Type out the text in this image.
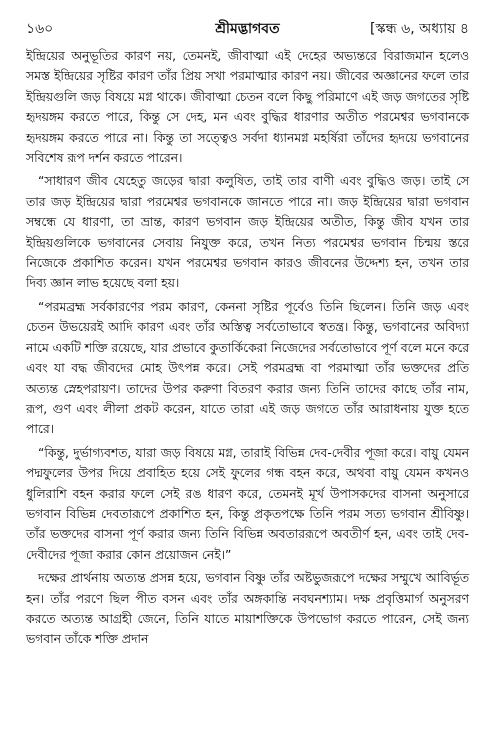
১৬০	শ্রীমদ্ভাগবত	[স্কন্ধ ৬, অধ্যায় ৪

ইন্দ্রিয়ের অনুভূতির কারণ নয়, তেমনই, জীবাত্মা এই দেহের অভ্যন্তরে বিরাজমান হলেও সমস্ত ইন্দ্রিয়ের সৃষ্টির কারণ তাঁর প্রিয় সখা পরমাত্মার কারণ নয়। জীবের অজ্ঞানের ফলে তার ইন্দ্রিয়গুলি জড় বিষয়ে মগ্ন থাকে। জীবাত্মা চেতন বলে কিছু পরিমাণে এই জড় জগতের সৃষ্টি হৃদয়ঙ্গম করতে পারে, কিন্তু সে দেহ, মন এবং বুদ্ধির ধারণার অতীত পরমেশ্বর ভগবানকে হৃদয়ঙ্গম করতে পারে না। কিন্তু তা সত্ত্বেও সর্বদা ধ্যানমগ্ন মহর্ষিরা তাঁদের হৃদয়ে ভগবানের সবিশেষ রূপ দর্শন করতে পারেন।

“সাধারণ জীব যেহেতু জড়ের দ্বারা কলুষিত, তাই তার বাণী এবং বুদ্ধিও জড়। তাই সে তার জড় ইন্দ্রিয়ের দ্বারা পরমেশ্বর ভগবানকে জানতে পারে না। জড় ইন্দ্রিয়ের দ্বারা ভগবান সম্বন্ধে যে ধারণা, তা ভ্রান্ত, কারণ ভগবান জড় ইন্দ্রিয়ের অতীত, কিন্তু জীব যখন তার ইন্দ্রিয়গুলিকে ভগবানের সেবায় নিযুক্ত করে, তখন নিত্য পরমেশ্বর ভগবান চিন্ময় স্তরে নিজেকে প্রকাশিত করেন। যখন পরমেশ্বর ভগবান কারও জীবনের উদ্দেশ্য হন, তখন তার দিব্য জ্ঞান লাভ হয়েছে বলা হয়।

“পরমব্রহ্ম সর্বকারণের পরম কারণ, কেননা সৃষ্টির পূর্বেও তিনি ছিলেন। তিনি জড় এবং চেতন উভয়েরই আদি কারণ এবং তাঁর অস্তিত্ব সর্বতোভাবে স্বতন্ত্র। কিন্তু, ভগবানের অবিদ্যা নামে একটি শক্তি রয়েছে, যার প্রভাবে কুতার্কিকেরা নিজেদের সর্বতোভাবে পূর্ণ বলে মনে করে এবং যা বদ্ধ জীবদের মোহ উৎপন্ন করে। সেই পরমব্রহ্ম বা পরমাত্মা তাঁর ভক্তদের প্রতি অত্যন্ত স্নেহপরায়ণ। তাদের উপর করুণা বিতরণ করার জন্য তিনি তাদের কাছে তাঁর নাম, রূপ, গুণ এবং লীলা প্রকট করেন, যাতে তারা এই জড় জগতে তাঁর আরাধনায় যুক্ত হতে পারে।

“কিন্তু, দুর্ভাগ্যবশত, যারা জড় বিষয়ে মগ্ন, তারাই বিভিন্ন দেব-দেবীর পূজা করে। বায়ু যেমন পদ্মফুলের উপর দিয়ে প্রবাহিত হয়ে সেই ফুলের গন্ধ বহন করে, অথবা বায়ু যেমন কখনও ধুলিরাশি বহন করার ফলে সেই রঙ ধারণ করে, তেমনই মূর্খ উপাসকদের বাসনা অনুসারে ভগবান বিভিন্ন দেবতারূপে প্রকাশিত হন, কিন্তু প্রকৃতপক্ষে তিনি পরম সত্য ভগবান শ্রীবিষ্ণু। তাঁর ভক্তদের বাসনা পূর্ণ করার জন্য তিনি বিভিন্ন অবতাররূপে অবতীর্ণ হন, এবং তাই দেব-দেবীদের পূজা করার কোন প্রয়োজন নেই।”

দক্ষের প্রার্থনায় অত্যন্ত প্রসন্ন হয়ে, ভগবান বিষ্ণু তাঁর অষ্টভুজরূপে দক্ষের সম্মুখে আবির্ভূত হন। তাঁর পরণে ছিল পীত বসন এবং তাঁর অঙ্গকান্তি নবঘনশ্যাম। দক্ষ প্রবৃত্তিমার্গ অনুসরণ করতে অত্যন্ত আগ্রহী জেনে, তিনি যাতে মায়াশক্তিকে উপভোগ করতে পারেন, সেই জন্য ভগবান তাঁকে শক্তি প্রদান
